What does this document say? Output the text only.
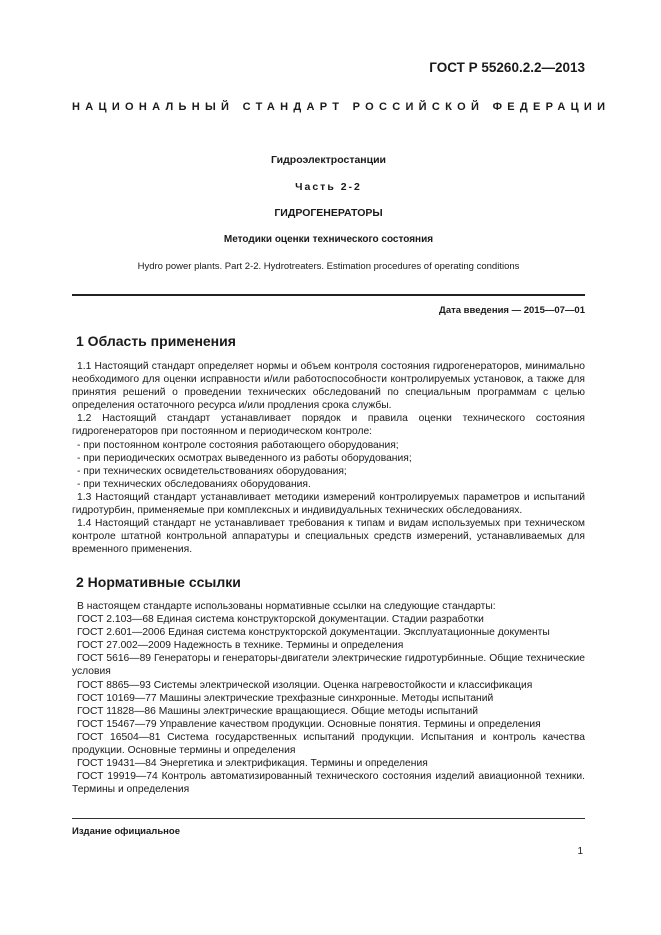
ГОСТ Р 55260.2.2—2013
НАЦИОНАЛЬНЫЙ СТАНДАРТ РОССИЙСКОЙ ФЕДЕРАЦИИ
Гидроэлектростанции
Часть 2-2
ГИДРОГЕНЕРАТОРЫ
Методики оценки технического состояния
Hydro power plants. Part 2-2. Hydrotreaters. Estimation procedures of operating conditions
Дата введения — 2015—07—01
1 Область применения

1.1 Настоящий стандарт определяет нормы и объем контроля состояния гидрогенераторов, минимально необходимого для оценки исправности и/или работоспособности контролируемых установок, а также для принятия решений о проведении технических обследований по специальным программам с целью определения остаточного ресурса и/или продления срока службы.

1.2 Настоящий стандарт устанавливает порядок и правила оценки технического состояния гидрогенераторов при постоянном и периодическом контроле:

- при постоянном контроле состояния работающего оборудования;

- при периодических осмотрах выведенного из работы оборудования;

- при технических освидетельствованиях оборудования;

- при технических обследованиях оборудования.

1.3 Настоящий стандарт устанавливает методики измерений контролируемых параметров и испытаний гидротурбин, применяемые при комплексных и индивидуальных технических обследованиях.

1.4 Настоящий стандарт не устанавливает требования к типам и видам используемых при техническом контроле штатной контрольной аппаратуры и специальных средств измерений, устанавливаемых для временного применения.

2 Нормативные ссылки

В настоящем стандарте использованы нормативные ссылки на следующие стандарты:

ГОСТ 2.103—68 Единая система конструкторской документации. Стадии разработки

ГОСТ 2.601—2006 Единая система конструкторской документации. Эксплуатационные документы

ГОСТ 27.002—2009 Надежность в технике. Термины и определения

ГОСТ 5616—89 Генераторы и генераторы-двигатели электрические гидротурбинные. Общие технические условия

ГОСТ 8865—93 Системы электрической изоляции. Оценка нагревостойкости и классификация

ГОСТ 10169—77 Машины электрические трехфазные синхронные. Методы испытаний

ГОСТ 11828—86 Машины электрические вращающиеся. Общие методы испытаний

ГОСТ 15467—79 Управление качеством продукции. Основные понятия. Термины и определения

ГОСТ 16504—81 Система государственных испытаний продукции. Испытания и контроль качества продукции. Основные термины и определения

ГОСТ 19431—84 Энергетика и электрификация. Термины и определения

ГОСТ 19919—74 Контроль автоматизированный технического состояния изделий авиационной техники. Термины и определения

Издание официальное
1
